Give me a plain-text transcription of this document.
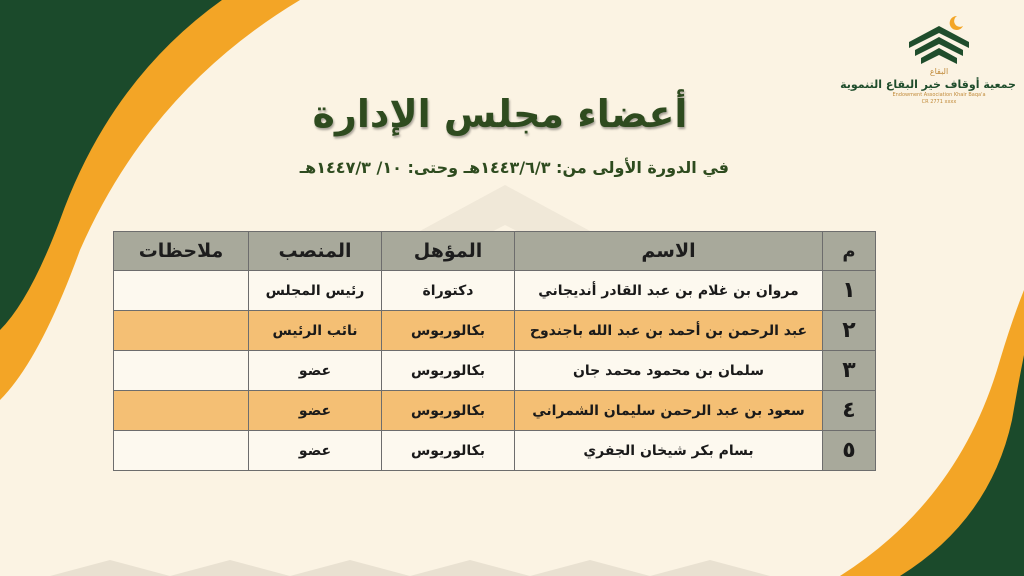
البقاع
جمعية أوقاف خير البقاع التنموية
Endowment Association Khair Baqa'a
CR 2771 xxxx
أعضاء مجلس الإدارة
في الدورة الأولى من: ١٤٤٣/٦/٣هـ وحتى: ١٠/ ١٤٤٧/٣هـ
م	الاسم	المؤهل	المنصب	ملاحظات
١	مروان بن غلام بن عبد القادر أنديجاني	دكتوراة	رئيس المجلس	
٢	عبد الرحمن بن أحمد بن عبد الله باجندوح	بكالوريوس	نائب الرئيس	
٣	سلمان بن محمود محمد جان	بكالوريوس	عضو	
٤	سعود بن عبد الرحمن سليمان الشمراني	بكالوريوس	عضو	
٥	بسام بكر شيخان الجفري	بكالوريوس	عضو	
